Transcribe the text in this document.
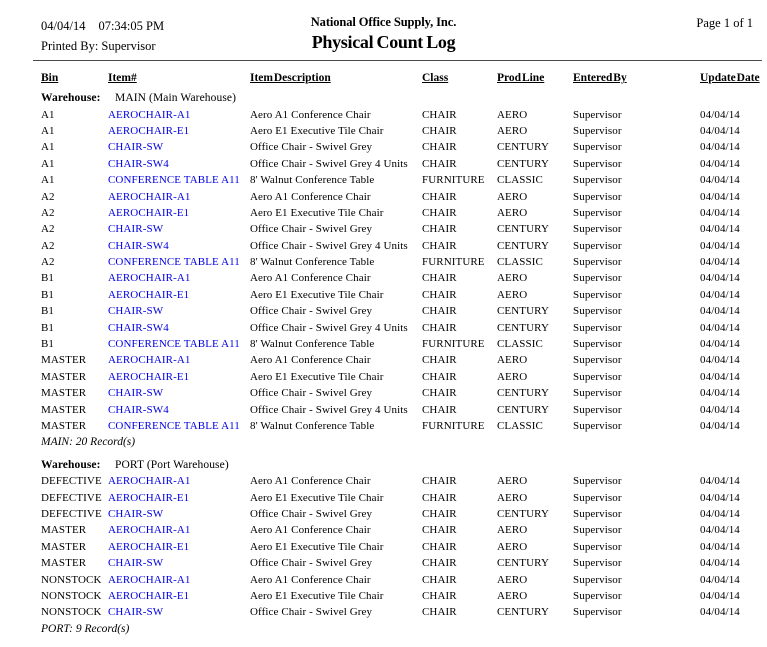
04/04/14 07:34:05 PM
Printed By: Supervisor
National Office Supply, Inc.
Physical Count Log
Page 1 of 1
Bin	Item#	Item Description	Class	Prod Line	Entered By	Update Date
Warehouse:	MAIN (Main Warehouse)					
A1	AEROCHAIR-A1	Aero A1 Conference Chair	CHAIR	AERO	Supervisor	04/04/14
A1	AEROCHAIR-E1	Aero E1 Executive Tile Chair	CHAIR	AERO	Supervisor	04/04/14
A1	CHAIR-SW	Office Chair - Swivel Grey	CHAIR	CENTURY	Supervisor	04/04/14
A1	CHAIR-SW4	Office Chair - Swivel Grey 4 Units	CHAIR	CENTURY	Supervisor	04/04/14
A1	CONFERENCE TABLE A11	8' Walnut Conference Table	FURNITURE	CLASSIC	Supervisor	04/04/14
A2	AEROCHAIR-A1	Aero A1 Conference Chair	CHAIR	AERO	Supervisor	04/04/14
A2	AEROCHAIR-E1	Aero E1 Executive Tile Chair	CHAIR	AERO	Supervisor	04/04/14
A2	CHAIR-SW	Office Chair - Swivel Grey	CHAIR	CENTURY	Supervisor	04/04/14
A2	CHAIR-SW4	Office Chair - Swivel Grey 4 Units	CHAIR	CENTURY	Supervisor	04/04/14
A2	CONFERENCE TABLE A11	8' Walnut Conference Table	FURNITURE	CLASSIC	Supervisor	04/04/14
B1	AEROCHAIR-A1	Aero A1 Conference Chair	CHAIR	AERO	Supervisor	04/04/14
B1	AEROCHAIR-E1	Aero E1 Executive Tile Chair	CHAIR	AERO	Supervisor	04/04/14
B1	CHAIR-SW	Office Chair - Swivel Grey	CHAIR	CENTURY	Supervisor	04/04/14
B1	CHAIR-SW4	Office Chair - Swivel Grey 4 Units	CHAIR	CENTURY	Supervisor	04/04/14
B1	CONFERENCE TABLE A11	8' Walnut Conference Table	FURNITURE	CLASSIC	Supervisor	04/04/14
MASTER	AEROCHAIR-A1	Aero A1 Conference Chair	CHAIR	AERO	Supervisor	04/04/14
MASTER	AEROCHAIR-E1	Aero E1 Executive Tile Chair	CHAIR	AERO	Supervisor	04/04/14
MASTER	CHAIR-SW	Office Chair - Swivel Grey	CHAIR	CENTURY	Supervisor	04/04/14
MASTER	CHAIR-SW4	Office Chair - Swivel Grey 4 Units	CHAIR	CENTURY	Supervisor	04/04/14
MASTER	CONFERENCE TABLE A11	8' Walnut Conference Table	FURNITURE	CLASSIC	Supervisor	04/04/14
MAIN: 20 Record(s)						

Warehouse:	PORT (Port Warehouse)					
DEFECTIVE	AEROCHAIR-A1	Aero A1 Conference Chair	CHAIR	AERO	Supervisor	04/04/14
DEFECTIVE	AEROCHAIR-E1	Aero E1 Executive Tile Chair	CHAIR	AERO	Supervisor	04/04/14
DEFECTIVE	CHAIR-SW	Office Chair - Swivel Grey	CHAIR	CENTURY	Supervisor	04/04/14
MASTER	AEROCHAIR-A1	Aero A1 Conference Chair	CHAIR	AERO	Supervisor	04/04/14
MASTER	AEROCHAIR-E1	Aero E1 Executive Tile Chair	CHAIR	AERO	Supervisor	04/04/14
MASTER	CHAIR-SW	Office Chair - Swivel Grey	CHAIR	CENTURY	Supervisor	04/04/14
NONSTOCK	AEROCHAIR-A1	Aero A1 Conference Chair	CHAIR	AERO	Supervisor	04/04/14
NONSTOCK	AEROCHAIR-E1	Aero E1 Executive Tile Chair	CHAIR	AERO	Supervisor	04/04/14
NONSTOCK	CHAIR-SW	Office Chair - Swivel Grey	CHAIR	CENTURY	Supervisor	04/04/14
PORT: 9 Record(s)						
